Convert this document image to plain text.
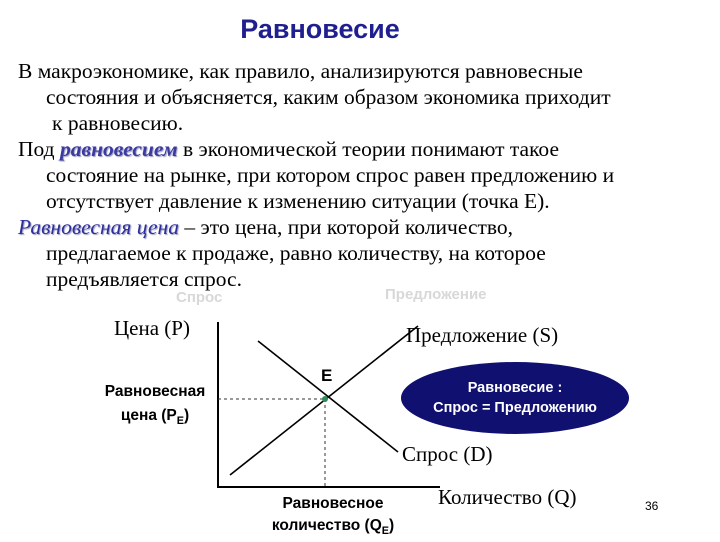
Равновесие
В макроэкономике, как правило, анализируются равновесные
состояния и объясняется, каким образом экономика приходит
к равновесию.
Под равновесием в экономической теории понимают такое
состояние на рынке, при котором спрос равен предложению и
отсутствует давление к изменению ситуации (точка E).
Равновесная цена – это цена, при которой количество,
предлагаемое к продаже, равно количеству, на которое
предъявляется спрос.
Спрос	Предложение
Цена (P)	Предложение (S)
Спрос (D)
Количество (Q)
E
Равновесная
цена $(P_E)$
Равновесное
количество $(Q_E)$
Равновесие :
Спрос = Предложению
36
